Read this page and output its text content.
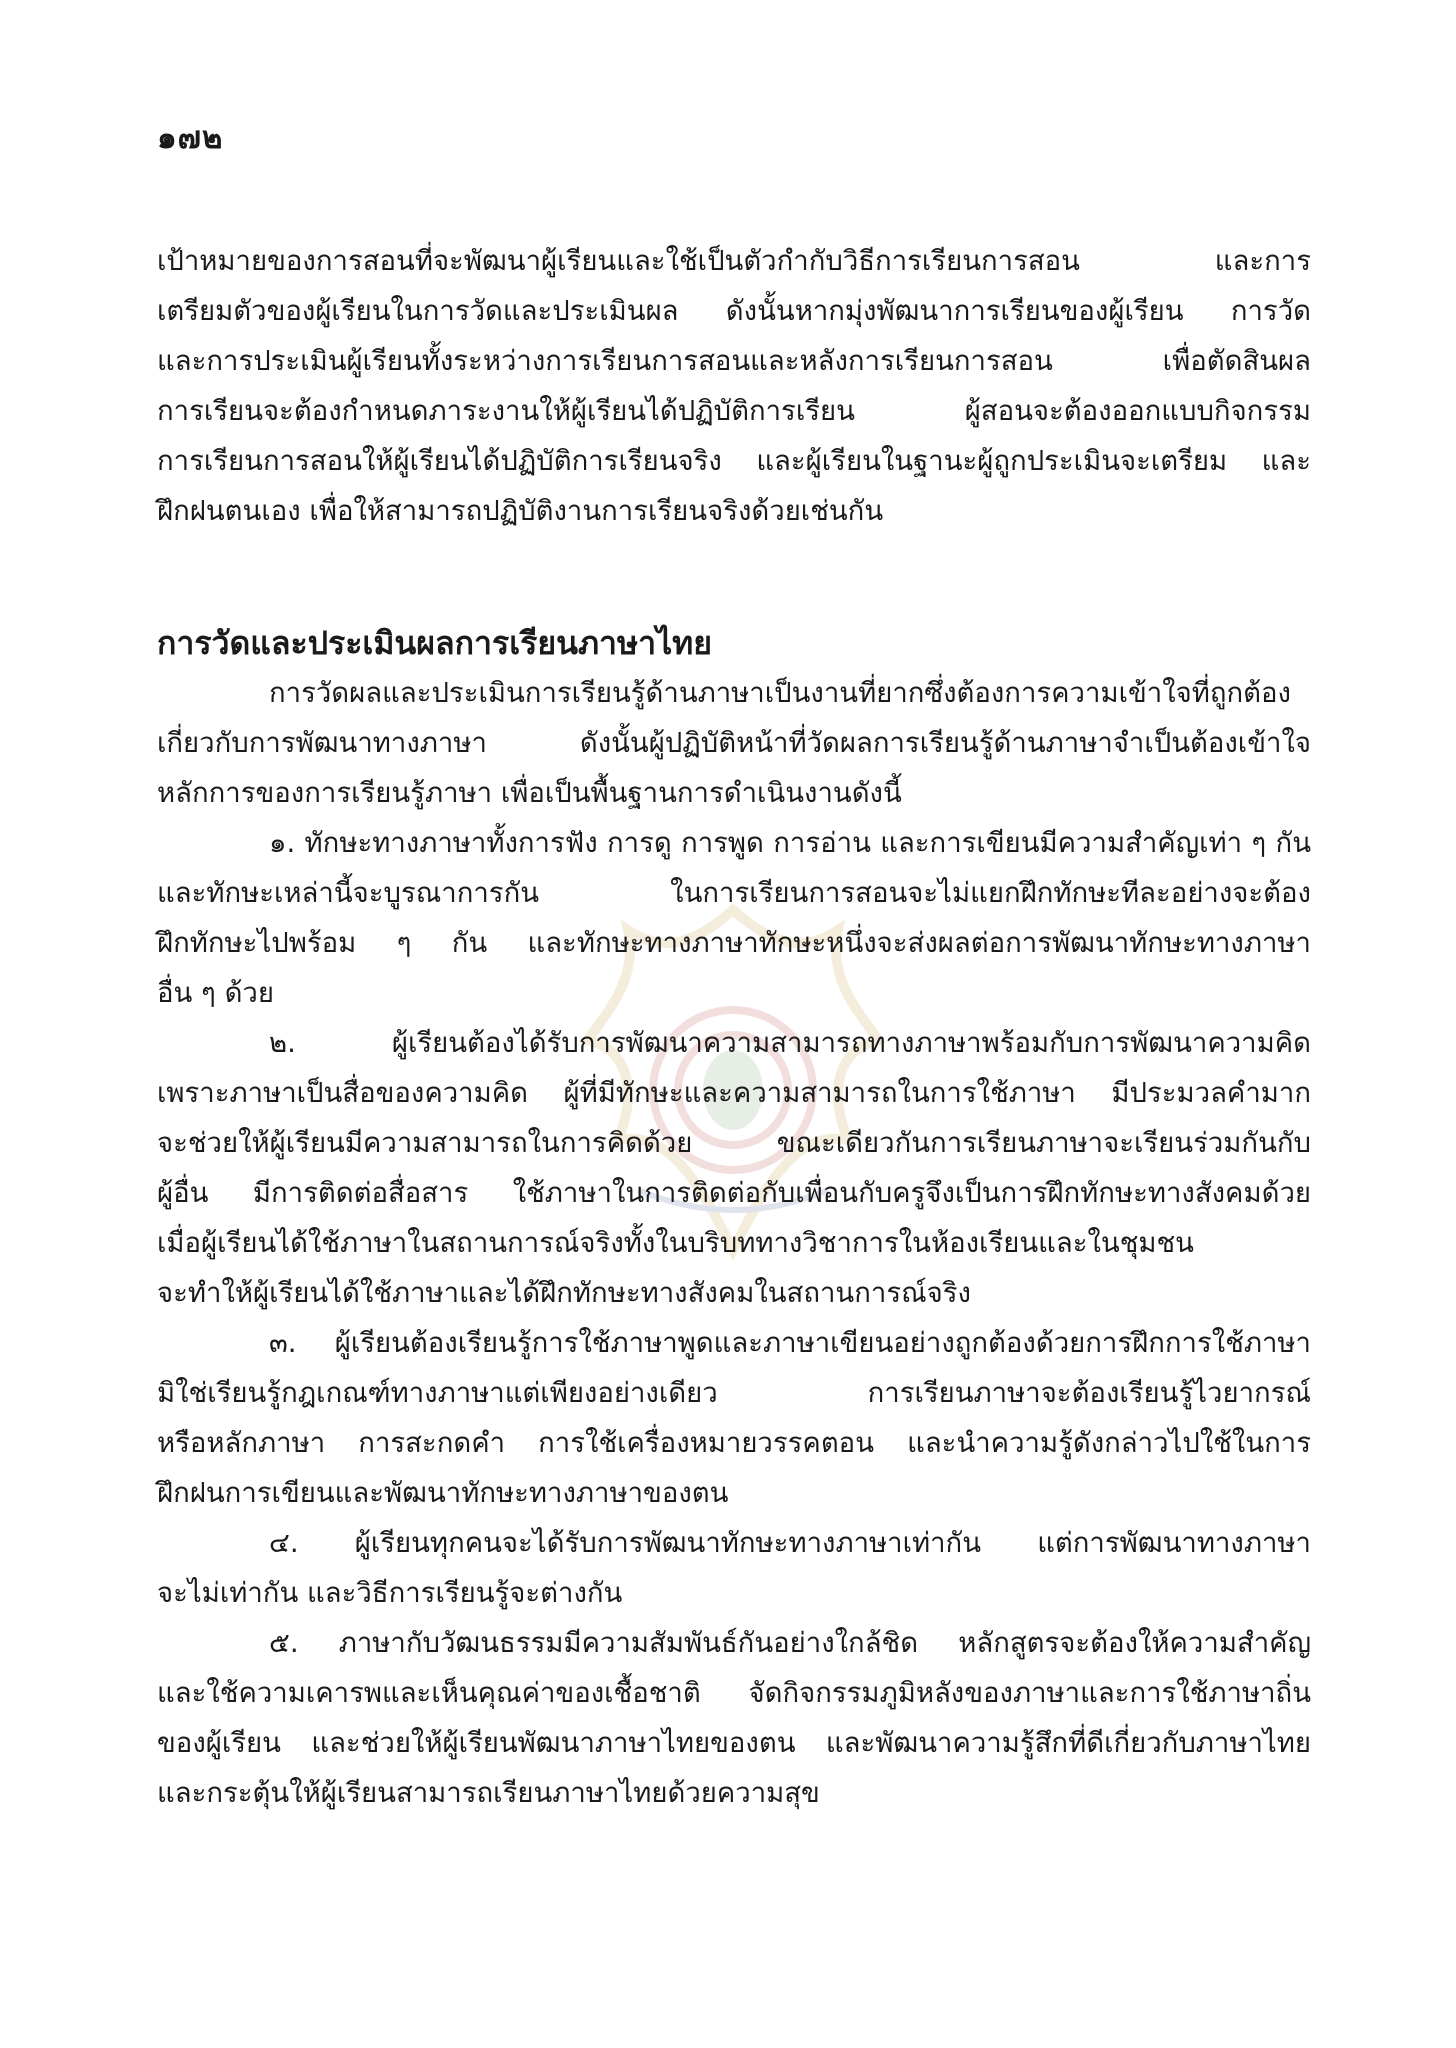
๑๗๒
เป้าหมายของการสอนที่จะพัฒนาผู้เรียนและใช้เป็นตัวกำกับวิธีการเรียนการสอน และการ
เตรียมตัวของผู้เรียนในการวัดและประเมินผล ดังนั้นหากมุ่งพัฒนาการเรียนของผู้เรียน การวัด
และการประเมินผู้เรียนทั้งระหว่างการเรียนการสอนและหลังการเรียนการสอน เพื่อตัดสินผล
การเรียนจะต้องกำหนดภาระงานให้ผู้เรียนได้ปฏิบัติการเรียน ผู้สอนจะต้องออกแบบกิจกรรม
การเรียนการสอนให้ผู้เรียนได้ปฏิบัติการเรียนจริง และผู้เรียนในฐานะผู้ถูกประเมินจะเตรียม และ
ฝึกฝนตนเอง เพื่อให้สามารถปฏิบัติงานการเรียนจริงด้วยเช่นกัน
การวัดและประเมินผลการเรียนภาษาไทย
การวัดผลและประเมินการเรียนรู้ด้านภาษาเป็นงานที่ยากซึ่งต้องการความเข้าใจที่ถูกต้อง
เกี่ยวกับการพัฒนาทางภาษา ดังนั้นผู้ปฏิบัติหน้าที่วัดผลการเรียนรู้ด้านภาษาจำเป็นต้องเข้าใจ
หลักการของการเรียนรู้ภาษา เพื่อเป็นพื้นฐานการดำเนินงานดังนี้
๑. ทักษะทางภาษาทั้งการฟัง การดู การพูด การอ่าน และการเขียนมีความสำคัญเท่า ๆ กัน
และทักษะเหล่านี้จะบูรณาการกัน ในการเรียนการสอนจะไม่แยกฝึกทักษะทีละอย่างจะต้อง
ฝึกทักษะไปพร้อม ๆ กัน และทักษะทางภาษาทักษะหนึ่งจะส่งผลต่อการพัฒนาทักษะทางภาษา
อื่น ๆ ด้วย
๒. ผู้เรียนต้องได้รับการพัฒนาความสามารถทางภาษาพร้อมกับการพัฒนาความคิด
เพราะภาษาเป็นสื่อของความคิด ผู้ที่มีทักษะและความสามารถในการใช้ภาษา มีประมวลคำมาก
จะช่วยให้ผู้เรียนมีความสามารถในการคิดด้วย ขณะเดียวกันการเรียนภาษาจะเรียนร่วมกันกับ
ผู้อื่น มีการติดต่อสื่อสาร ใช้ภาษาในการติดต่อกับเพื่อนกับครูจึงเป็นการฝึกทักษะทางสังคมด้วย
เมื่อผู้เรียนได้ใช้ภาษาในสถานการณ์จริงทั้งในบริบททางวิชาการในห้องเรียนและในชุมชน
จะทำให้ผู้เรียนได้ใช้ภาษาและได้ฝึกทักษะทางสังคมในสถานการณ์จริง
๓. ผู้เรียนต้องเรียนรู้การใช้ภาษาพูดและภาษาเขียนอย่างถูกต้องด้วยการฝึกการใช้ภาษา
มิใช่เรียนรู้กฎเกณฑ์ทางภาษาแต่เพียงอย่างเดียว การเรียนภาษาจะต้องเรียนรู้ไวยากรณ์
หรือหลักภาษา การสะกดคำ การใช้เครื่องหมายวรรคตอน และนำความรู้ดังกล่าวไปใช้ในการ
ฝึกฝนการเขียนและพัฒนาทักษะทางภาษาของตน
๔. ผู้เรียนทุกคนจะได้รับการพัฒนาทักษะทางภาษาเท่ากัน แต่การพัฒนาทางภาษา
จะไม่เท่ากัน และวิธีการเรียนรู้จะต่างกัน
๕. ภาษากับวัฒนธรรมมีความสัมพันธ์กันอย่างใกล้ชิด หลักสูตรจะต้องให้ความสำคัญ
และใช้ความเคารพและเห็นคุณค่าของเชื้อชาติ จัดกิจกรรมภูมิหลังของภาษาและการใช้ภาษาถิ่น
ของผู้เรียน และช่วยให้ผู้เรียนพัฒนาภาษาไทยของตน และพัฒนาความรู้สึกที่ดีเกี่ยวกับภาษาไทย
และกระตุ้นให้ผู้เรียนสามารถเรียนภาษาไทยด้วยความสุข
